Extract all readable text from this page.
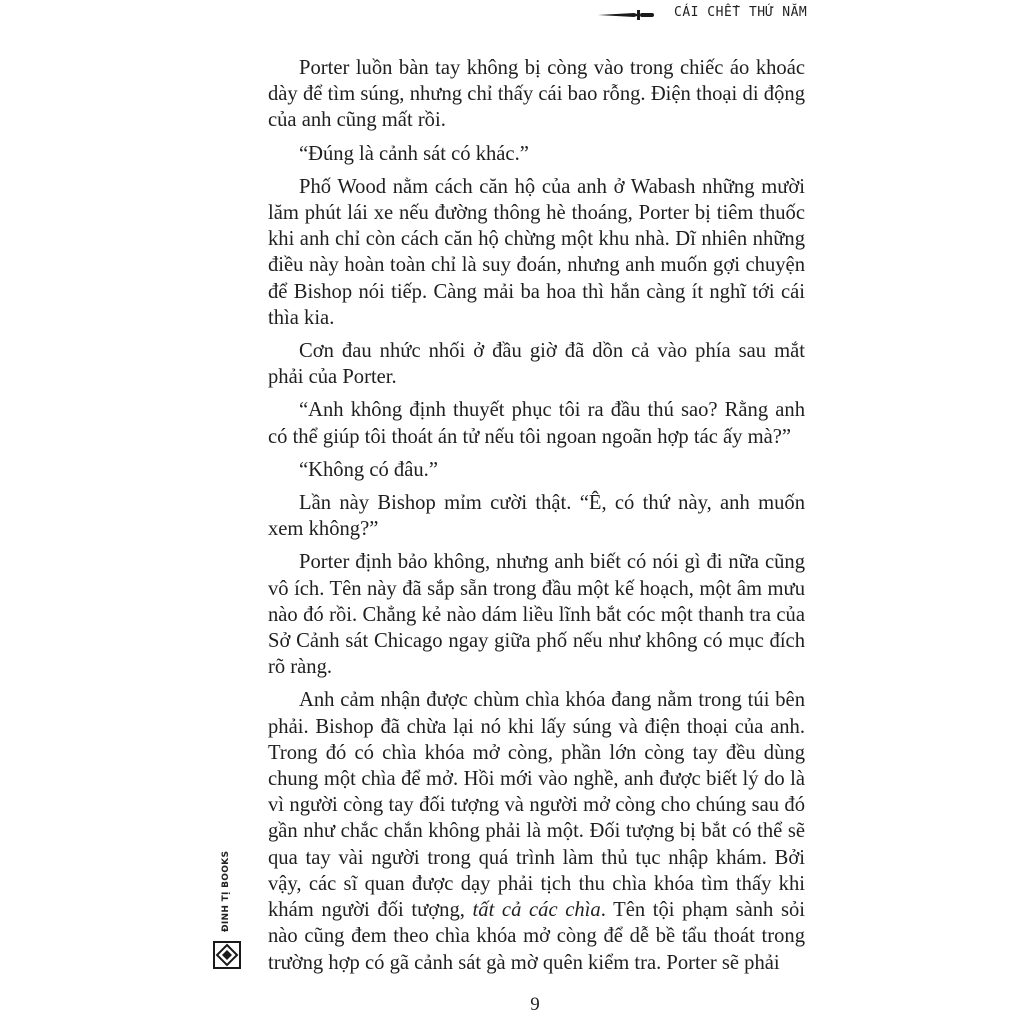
CÁI CHẾT THỨ NĂM

Porter luồn bàn tay không bị còng vào trong chiếc áo khoác dày để tìm súng, nhưng chỉ thấy cái bao rỗng. Điện thoại di động của anh cũng mất rồi.

“Đúng là cảnh sát có khác.”

Phố Wood nằm cách căn hộ của anh ở Wabash những mười lăm phút lái xe nếu đường thông hè thoáng, Porter bị tiêm thuốc khi anh chỉ còn cách căn hộ chừng một khu nhà. Dĩ nhiên những điều này hoàn toàn chỉ là suy đoán, nhưng anh muốn gợi chuyện để Bishop nói tiếp. Càng mải ba hoa thì hắn càng ít nghĩ tới cái thìa kia.

Cơn đau nhức nhối ở đầu giờ đã dồn cả vào phía sau mắt phải của Porter.

“Anh không định thuyết phục tôi ra đầu thú sao? Rằng anh có thể giúp tôi thoát án tử nếu tôi ngoan ngoãn hợp tác ấy mà?”

“Không có đâu.”

Lần này Bishop mỉm cười thật. “Ê, có thứ này, anh muốn xem không?”

Porter định bảo không, nhưng anh biết có nói gì đi nữa cũng vô ích. Tên này đã sắp sẵn trong đầu một kế hoạch, một âm mưu nào đó rồi. Chẳng kẻ nào dám liều lĩnh bắt cóc một thanh tra của Sở Cảnh sát Chicago ngay giữa phố nếu như không có mục đích rõ ràng.

Anh cảm nhận được chùm chìa khóa đang nằm trong túi bên phải. Bishop đã chừa lại nó khi lấy súng và điện thoại của anh. Trong đó có chìa khóa mở còng, phần lớn còng tay đều dùng chung một chìa để mở. Hồi mới vào nghề, anh được biết lý do là vì người còng tay đối tượng và người mở còng cho chúng sau đó gần như chắc chắn không phải là một. Đối tượng bị bắt có thể sẽ qua tay vài người trong quá trình làm thủ tục nhập khám. Bởi vậy, các sĩ quan được dạy phải tịch thu chìa khóa tìm thấy khi khám người đối tượng, tất cả các chìa. Tên tội phạm sành sỏi nào cũng đem theo chìa khóa mở còng để dễ bề tẩu thoát trong trường hợp có gã cảnh sát gà mờ quên kiểm tra. Porter sẽ phải

ĐINH TỊ BOOKS
9
